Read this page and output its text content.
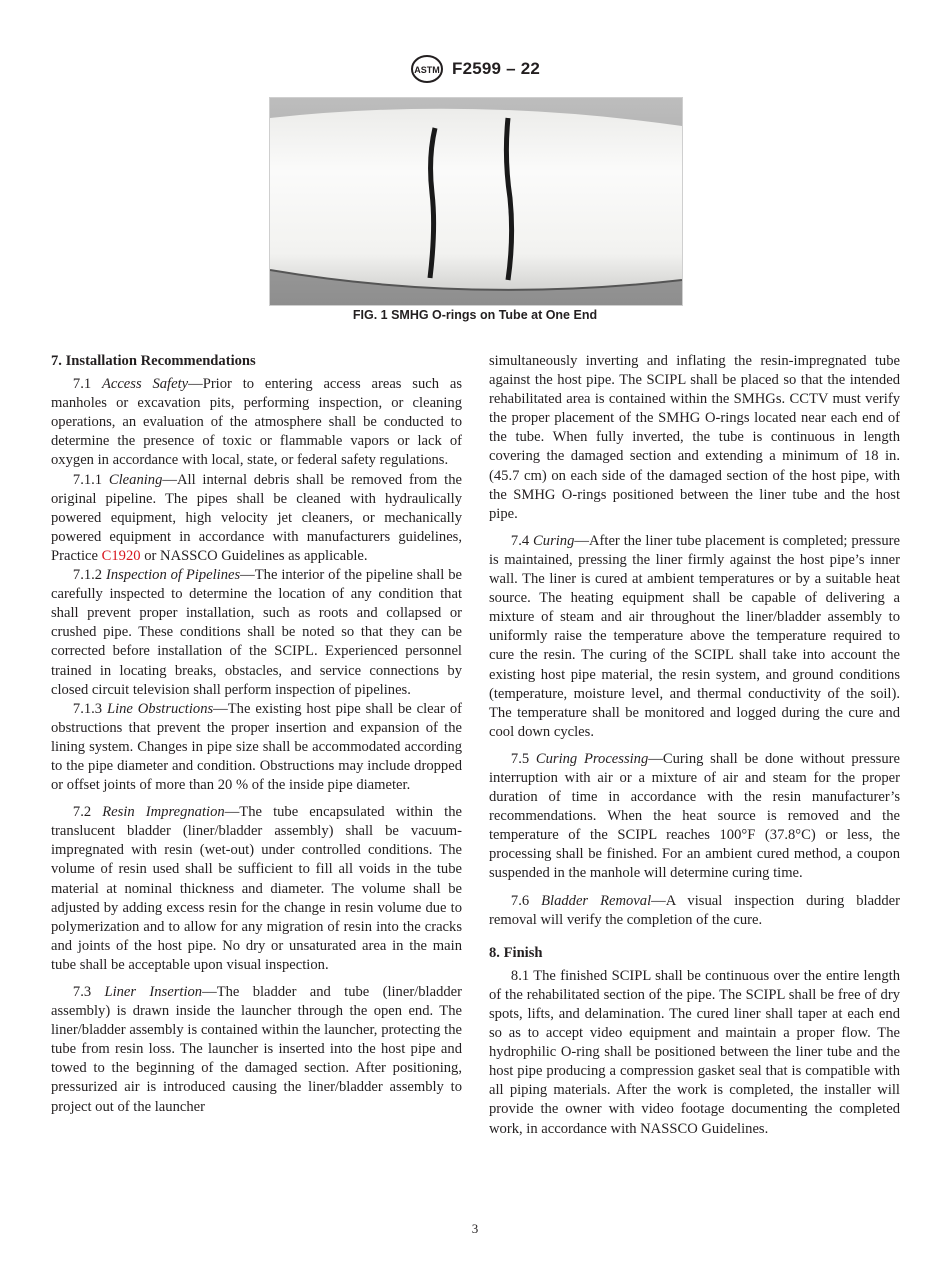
ASTM F2599 – 22
FIG. 1 SMHG O-rings on Tube at One End
7. Installation Recommendations

7.1 Access Safety—Prior to entering access areas such as manholes or excavation pits, performing inspection, or cleaning operations, an evaluation of the atmosphere shall be conducted to determine the presence of toxic or flammable vapors or lack of oxygen in accordance with local, state, or federal safety regulations.

7.1.1 Cleaning—All internal debris shall be removed from the original pipeline. The pipes shall be cleaned with hydraulically powered equipment, high velocity jet cleaners, or mechanically powered equipment in accordance with manufacturers guidelines, Practice C1920 or NASSCO Guidelines as applicable.

7.1.2 Inspection of Pipelines—The interior of the pipeline shall be carefully inspected to determine the location of any condition that shall prevent proper installation, such as roots and collapsed or crushed pipe. These conditions shall be noted so that they can be corrected before installation of the SCIPL. Experienced personnel trained in locating breaks, obstacles, and service connections by closed circuit television shall perform inspection of pipelines.

7.1.3 Line Obstructions—The existing host pipe shall be clear of obstructions that prevent the proper insertion and expansion of the lining system. Changes in pipe size shall be accommodated according to the pipe diameter and condition. Obstructions may include dropped or offset joints of more than 20 % of the inside pipe diameter.

7.2 Resin Impregnation—The tube encapsulated within the translucent bladder (liner/bladder assembly) shall be vacuum-impregnated with resin (wet-out) under controlled conditions. The volume of resin used shall be sufficient to fill all voids in the tube material at nominal thickness and diameter. The volume shall be adjusted by adding excess resin for the change in resin volume due to polymerization and to allow for any migration of resin into the cracks and joints of the host pipe. No dry or unsaturated area in the main tube shall be acceptable upon visual inspection.

7.3 Liner Insertion—The bladder and tube (liner/bladder assembly) is drawn inside the launcher through the open end. The liner/bladder assembly is contained within the launcher, protecting the tube from resin loss. The launcher is inserted into the host pipe and towed to the beginning of the damaged section. After positioning, pressurized air is introduced causing the liner/bladder assembly to project out of the launcher

simultaneously inverting and inflating the resin-impregnated tube against the host pipe. The SCIPL shall be placed so that the intended rehabilitated area is contained within the SMHGs. CCTV must verify the proper placement of the SMHG O-rings located near each end of the tube. When fully inverted, the tube is continuous in length covering the damaged section and extending a minimum of 18 in. (45.7 cm) on each side of the damaged section of the host pipe, with the SMHG O-rings positioned between the liner tube and the host pipe.

7.4 Curing—After the liner tube placement is completed; pressure is maintained, pressing the liner firmly against the host pipe’s inner wall. The liner is cured at ambient temperatures or by a suitable heat source. The heating equipment shall be capable of delivering a mixture of steam and air throughout the liner/bladder assembly to uniformly raise the temperature above the temperature required to cure the resin. The curing of the SCIPL shall take into account the existing host pipe material, the resin system, and ground conditions (temperature, moisture level, and thermal conductivity of the soil). The temperature shall be monitored and logged during the cure and cool down cycles.

7.5 Curing Processing—Curing shall be done without pressure interruption with air or a mixture of air and steam for the proper duration of time in accordance with the resin manufacturer’s recommendations. When the heat source is removed and the temperature of the SCIPL reaches 100°F (37.8°C) or less, the processing shall be finished. For an ambient cured method, a coupon suspended in the manhole will determine curing time.

7.6 Bladder Removal—A visual inspection during bladder removal will verify the completion of the cure.

8. Finish

8.1 The finished SCIPL shall be continuous over the entire length of the rehabilitated section of the pipe. The SCIPL shall be free of dry spots, lifts, and delamination. The cured liner shall taper at each end so as to accept video equipment and maintain a proper flow. The hydrophilic O-ring shall be positioned between the liner tube and the host pipe producing a compression gasket seal that is compatible with all piping materials. After the work is completed, the installer will provide the owner with video footage documenting the completed work, in accordance with NASSCO Guidelines.

3
